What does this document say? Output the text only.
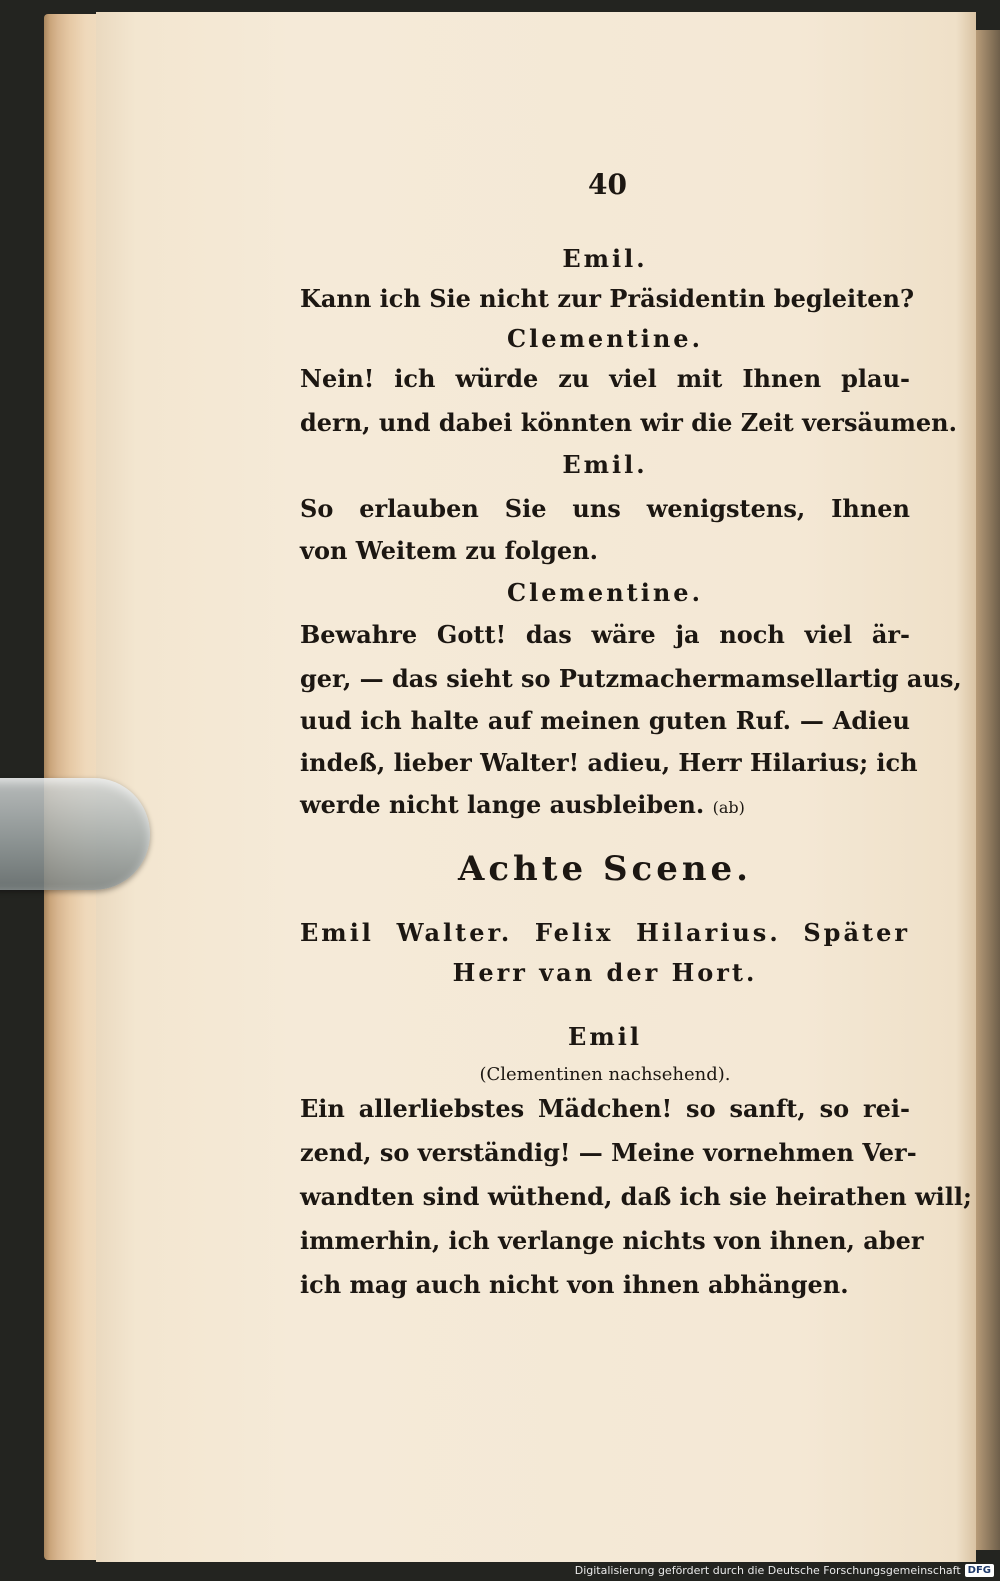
40
Emil.
Kann ich Sie nicht zur Präsidentin begleiten?
Clementine.
Nein! ich würde zu viel mit Ihnen plau-
dern, und dabei könnten wir die Zeit versäumen.
Emil.
So erlauben Sie uns wenigstens, Ihnen
von Weitem zu folgen.
Clementine.
Bewahre Gott! das wäre ja noch viel är-
ger, — das sieht so Putzmachermamsellartig aus,
uud ich halte auf meinen guten Ruf. — Adieu
indeß, lieber Walter! adieu, Herr Hilarius; ich
werde nicht lange ausbleiben. (ab)
Achte Scene.
Emil Walter. Felix Hilarius. Später
Herr van der Hort.
Emil
(Clementinen nachsehend).
Ein allerliebstes Mädchen! so sanft, so rei-
zend, so verständig! — Meine vornehmen Ver-
wandten sind wüthend, daß ich sie heirathen will;
immerhin, ich verlange nichts von ihnen, aber
ich mag auch nicht von ihnen abhängen.
Digitalisierung gefördert durch die Deutsche Forschungsgemeinschaft DFG
